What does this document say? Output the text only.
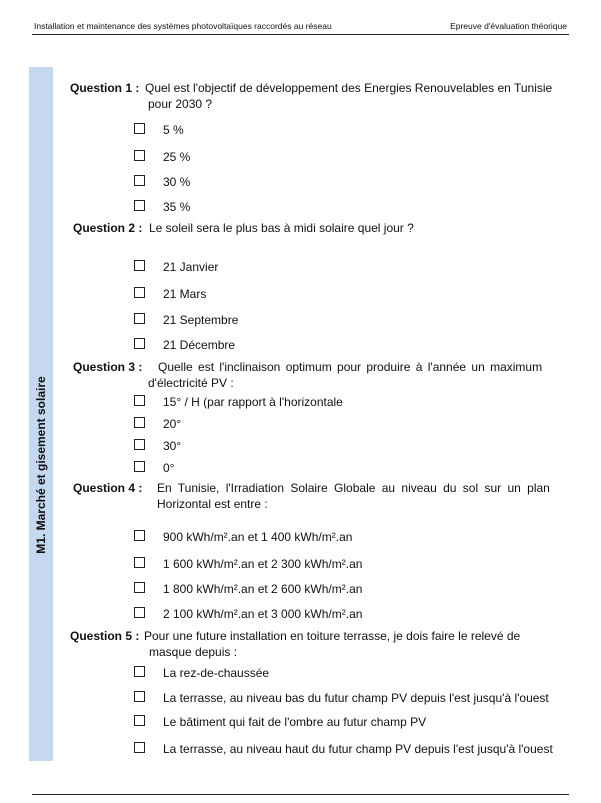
Installation et maintenance des systèmes photovoltaïques raccordés au réseau	Epreuve d'évaluation théorique
M1. Marché et gisement solaire
Question 1 : Quel est l'objectif de développement des Energies Renouvelables en Tunisie
pour 2030 ?
5 %
25 %
30 %
35 %
Question 2 : Le soleil sera le plus bas à midi solaire quel jour ?
21 Janvier
21 Mars
21 Septembre
21 Décembre
Question 3 : Quelle est l'inclinaison optimum pour produire à l'année un maximum
d'électricité PV :
15° / H (par rapport à l'horizontale
20°
30°
0°
Question 4 : En Tunisie, l'Irradiation Solaire Globale au niveau du sol sur un plan
Horizontal est entre :
900 kWh/m².an et 1 400 kWh/m².an
1 600 kWh/m².an et 2 300 kWh/m².an
1 800 kWh/m².an et 2 600 kWh/m².an
2 100 kWh/m².an et 3 000 kWh/m².an
Question 5 : Pour une future installation en toiture terrasse, je dois faire le relevé de
masque depuis :
La rez-de-chaussée
La terrasse, au niveau bas du futur champ PV depuis l'est jusqu'à l'ouest
Le bâtiment qui fait de l'ombre au futur champ PV
La terrasse, au niveau haut du futur champ PV depuis l'est jusqu'à l'ouest
